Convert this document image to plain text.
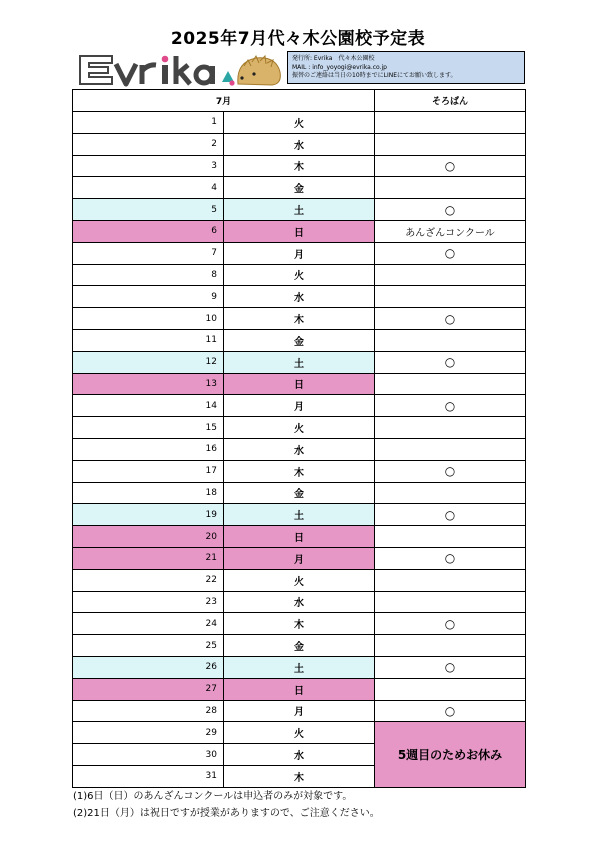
2025年7月代々木公園校予定表
発行所: Evrika　代々木公園校
MAIL : info_yoyogi@evrika.co.jp
振替のご連絡は当日の10時までにLINEにてお願い致します。
7月		そろばん
1	火	
2	水	
3	木	○
4	金	
5	土	○
6	日	あんざんコンクール
7	月	○
8	火	
9	水	
10	木	○
11	金	
12	土	○
13	日	
14	月	○
15	火	
16	水	
17	木	○
18	金	
19	土	○
20	日	
21	月	○
22	火	
23	水	
24	木	○
25	金	
26	土	○
27	日	
28	月	○
29	火	5週目のためお休み
30	水	
31	木	
(1)6日（日）のあんざんコンクールは申込者のみが対象です。
(2)21日（月）は祝日ですが授業がありますので、ご注意ください。
